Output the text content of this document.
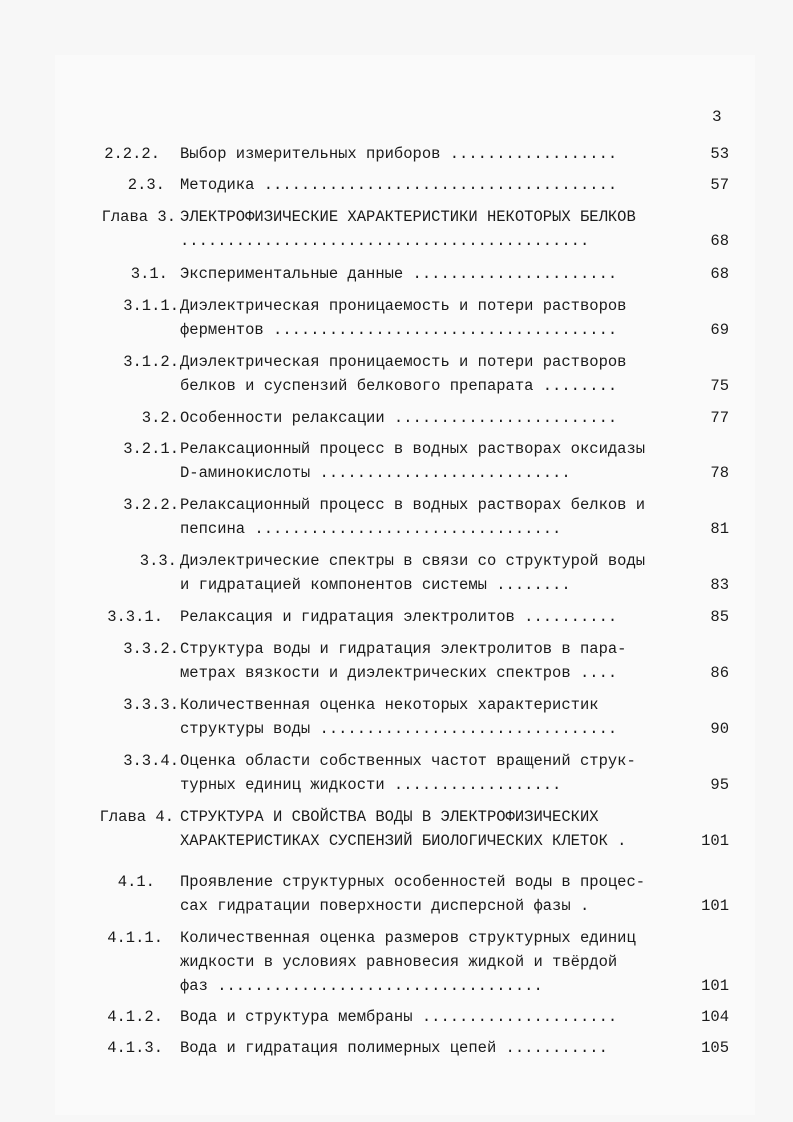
3
2.2.2. Выбор измерительных приборов ..................	53
2.3. Методика ......................................	57
Глава 3. ЭЛЕКТРОФИЗИЧЕСКИЕ ХАРАКТЕРИСТИКИ НЕКОТОРЫХ БЕЛКОВ
............................................	68
3.1. Экспериментальные данные ......................	68
3.1.1. Диэлектрическая проницаемость и потери растворов
ферментов .....................................	69
3.1.2. Диэлектрическая проницаемость и потери растворов
белков и суспензий белкового препарата ........	75
3.2. Особенности релаксации ........................	77
3.2.1. Релаксационный процесс в водных растворах оксидазы
D-аминокислоты ...........................	78
3.2.2. Релаксационный процесс в водных растворах белков и
пепсина .................................	81
3.3. Диэлектрические спектры в связи со структурой воды
и гидратацией компонентов системы ........	83
3.3.1. Релаксация и гидратация электролитов ..........	85
3.3.2. Структура воды и гидратация электролитов в пара-
метрах вязкости и диэлектрических спектров ....	86
3.3.3. Количественная оценка некоторых характеристик
структуры воды ................................	90
3.3.4. Оценка области собственных частот вращений струк-
турных единиц жидкости ..................	95
Глава 4. СТРУКТУРА И СВОЙСТВА ВОДЫ В ЭЛЕКТРОФИЗИЧЕСКИХ
ХАРАКТЕРИСТИКАХ СУСПЕНЗИЙ БИОЛОГИЧЕСКИХ КЛЕТОК .	101
4.1. Проявление структурных особенностей воды в процес-
сах гидратации поверхности дисперсной фазы .	101
4.1.1. Количественная оценка размеров структурных единиц
жидкости в условиях равновесия жидкой и твёрдой
фаз ...................................	101
4.1.2. Вода и структура мембраны .....................	104
4.1.3. Вода и гидратация полимерных цепей ...........	105
